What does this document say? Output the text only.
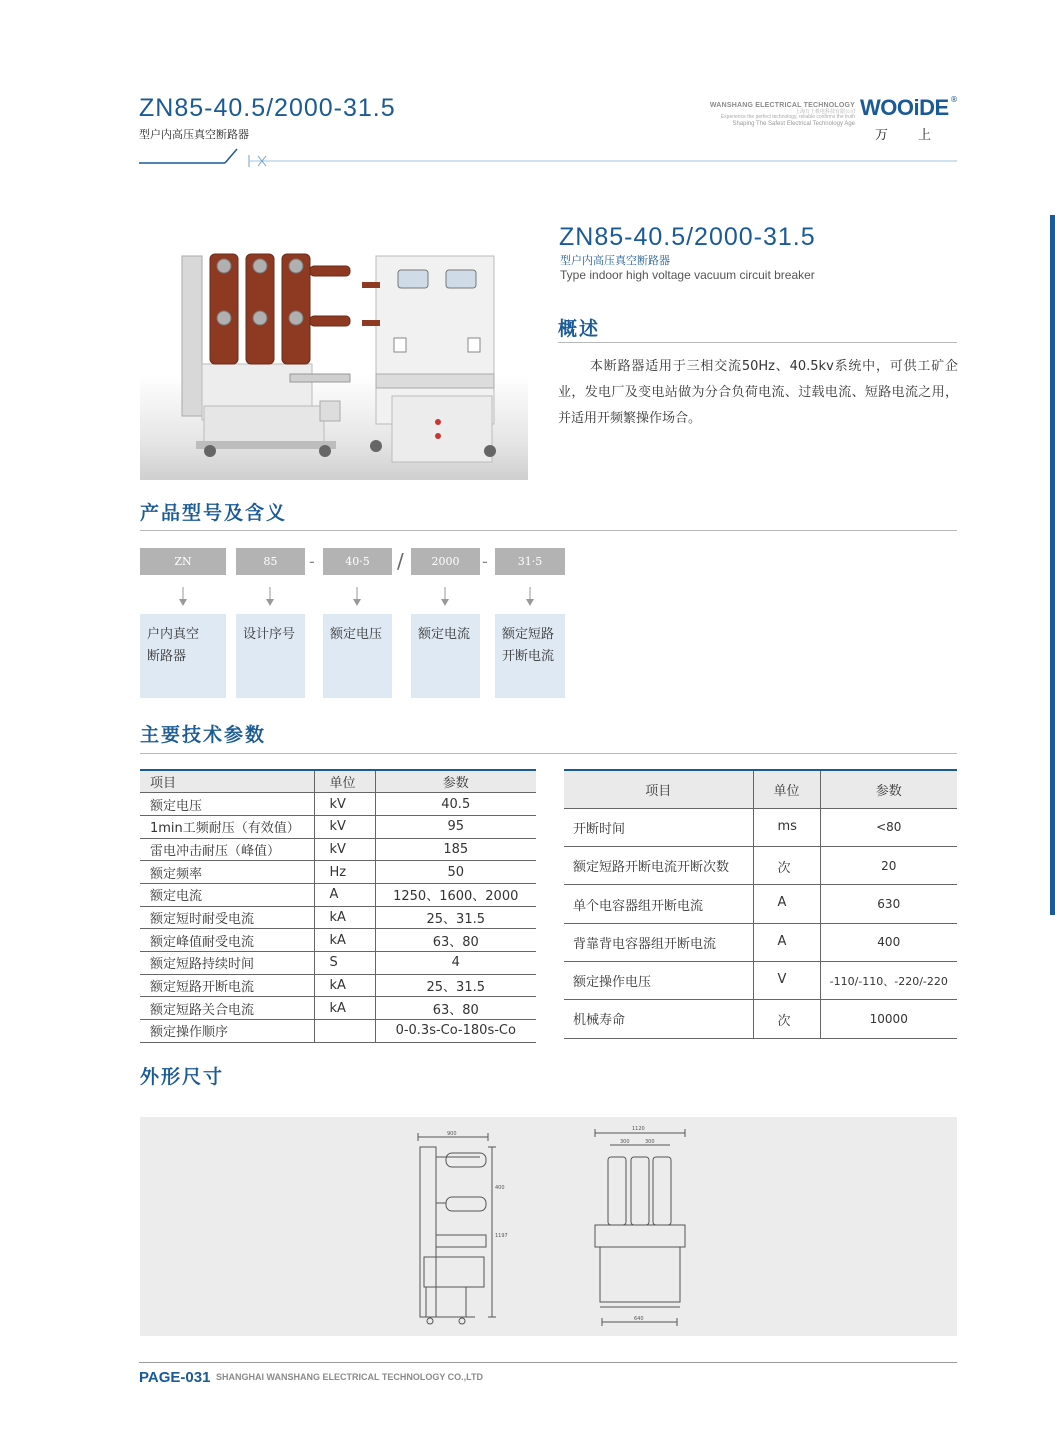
ZN85-40.5/2000-31.5
型户内高压真空断路器
WANSHANG ELECTRICAL TECHNOLOGY
上海万上机电科技有限公司
Experience the perfect technology, reliable confirms the truth
Shaping The Safest Electrical Technology Age
WOOiDE ®
万上
ZN85-40.5/2000-31.5
型户内高压真空断路器
Type indoor high voltage vacuum circuit breaker
概述
本断路器适用于三相交流50Hz、40.5kv系统中，可供工矿企业，发电厂及变电站做为分合负荷电流、过载电流、短路电流之用，并适用开频繁操作场合。
产品型号及含义
ZN	85	-	40·5	/	2000	-	31·5
户内真空
断路器
设计序号	额定电压	额定电流	额定短路
开断电流
主要技术参数
项目	单位	参数
额定电压	kV	40.5
1min工频耐压（有效值）	kV	95
雷电冲击耐压（峰值）	kV	185
额定频率	Hz	50
额定电流	A	1250、1600、2000
额定短时耐受电流	kA	25、31.5
额定峰值耐受电流	kA	63、80
额定短路持续时间	S	4
额定短路开断电流	kA	25、31.5
额定短路关合电流	kA	63、80
额定操作顺序		0-0.3s-Co-180s-Co
项目	单位	参数
开断时间	ms	<80
额定短路开断电流开断次数	次	20
单个电容器组开断电流	A	630
背靠背电容器组开断电流	A	400
额定操作电压	V	-110/-110、-220/-220
机械寿命	次	10000
外形尺寸
900
400
1197
1120
300	300
640
PAGE-031 SHANGHAI WANSHANG ELECTRICAL TECHNOLOGY CO.,LTD
